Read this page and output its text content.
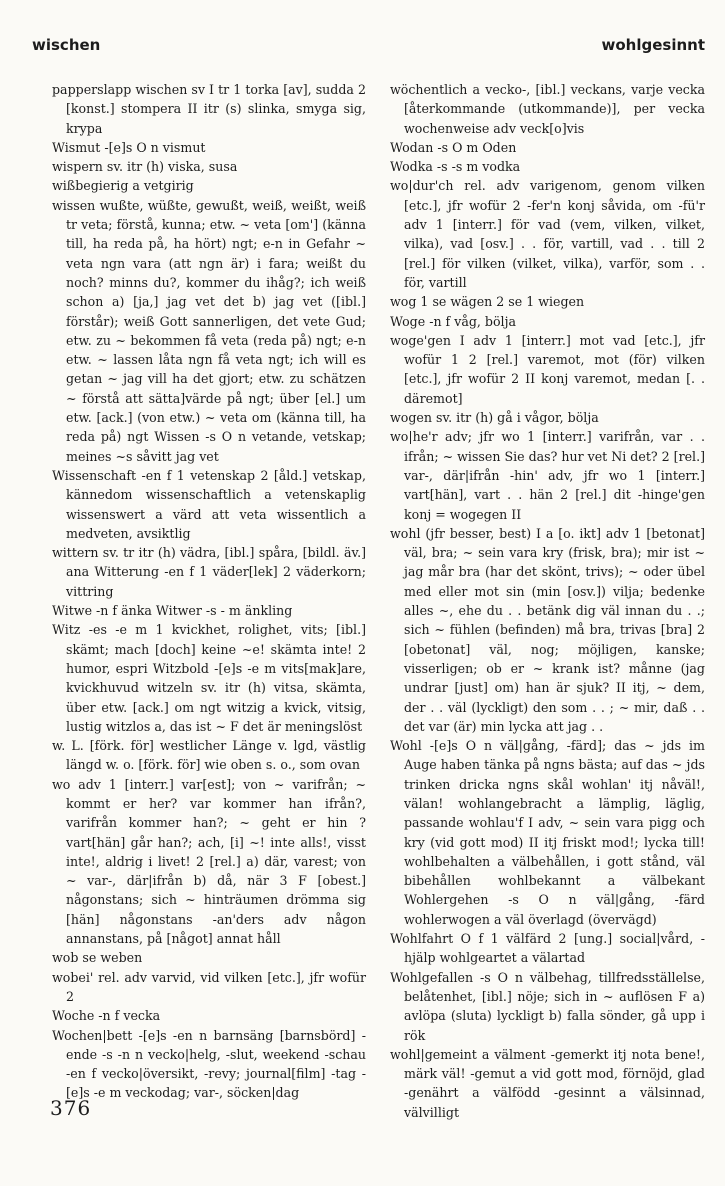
wischen	wohlgesinnt

papperslapp wischen sv I tr 1 torka [av], sudda 2 [konst.] stompera II itr (s) slinka, smyga sig, krypa

Wismut -[e]s O n vismut

wispern sv. itr (h) viska, susa

wißbegierig a vetgirig

wissen wußte, wüßte, gewußt, weiß, weißt, weiß tr veta; förstå, kunna; etw. ~ veta [om'] (känna till, ha reda på, ha hört) ngt; e-n in Gefahr ~ veta ngn vara (att ngn är) i fara; weißt du noch? minns du?, kommer du ihåg?; ich weiß schon a) [ja,] jag vet det b) jag vet ([ibl.] förstår); weiß Gott sannerligen, det vete Gud; etw. zu ~ bekommen få veta (reda på) ngt; e-n etw. ~ lassen låta ngn få veta ngt; ich will es getan ~ jag vill ha det gjort; etw. zu schätzen ~ förstå att sätta]värde på ngt; über [el.] um etw. [ack.] (von etw.) ~ veta om (känna till, ha reda på) ngt Wissen -s O n vetande, vetskap; meines ~s såvitt jag vet

Wissenschaft -en f 1 vetenskap 2 [åld.] vetskap, kännedom wissenschaftlich a vetenskaplig wissenswert a värd att veta wissentlich a medveten, avsiktlig

wittern sv. tr itr (h) vädra, [ibl.] spåra, [bildl. äv.] ana Witterung -en f 1 väder[lek] 2 väderkorn; vittring

Witwe -n f änka Witwer -s - m änkling

Witz -es -e m 1 kvickhet, rolighet, vits; [ibl.] skämt; mach [doch] keine ~e! skämta inte! 2 humor, espri Witzbold -[e]s -e m vits[mak]are, kvickhuvud witzeln sv. itr (h) vitsa, skämta, über etw. [ack.] om ngt witzig a kvick, vitsig, lustig witzlos a, das ist ~ F det är meningslöst

w. L. [förk. för] westlicher Länge v. lgd, västlig längd w. o. [förk. för] wie oben s. o., som ovan

wo adv 1 [interr.] var[est]; von ~ varifrån; ~ kommt er her? var kommer han ifrån?, varifrån kommer han?; ~ geht er hin ? vart[hän] går han?; ach, [i] ~! inte alls!, visst inte!, aldrig i livet! 2 [rel.] a) där, varest; von ~ var-, där|ifrån b) då, när 3 F [obest.] någonstans; sich ~ hinträumen drömma sig [hän] någonstans -an'ders adv någon annanstans, på [något] annat håll

wob se weben

wobei' rel. adv varvid, vid vilken [etc.], jfr wofür 2

Woche -n f vecka

Wochen|bett -[e]s -en n barnsäng [barnsbörd] -ende -s -n n vecko|helg, -slut, weekend -schau -en f vecko|översikt, -revy; journal[film] -tag -[e]s -e m veckodag; var-, söcken|dag

wöchentlich a vecko-, [ibl.] veckans, varje vecka [återkommande (utkommande)], per vecka wochenweise adv veck[o]vis

Wodan -s O m Oden

Wodka -s -s m vodka

wo|dur'ch rel. adv varigenom, genom vilken [etc.], jfr wofür 2 -fer'n konj såvida, om -fü'r adv 1 [interr.] för vad (vem, vilken, vilket, vilka), vad [osv.] . . för, vartill, vad . . till 2 [rel.] för vilken (vilket, vilka), varför, som . . för, vartill

wog 1 se wägen 2 se 1 wiegen

Woge -n f våg, bölja

woge'gen I adv 1 [interr.] mot vad [etc.], jfr wofür 1 2 [rel.] varemot, mot (för) vilken [etc.], jfr wofür 2 II konj varemot, medan [. . däremot]

wogen sv. itr (h) gå i vågor, bölja

wo|he'r adv; jfr wo 1 [interr.] varifrån, var . . ifrån; ~ wissen Sie das? hur vet Ni det? 2 [rel.] var-, där|ifrån -hin' adv, jfr wo 1 [interr.] vart[hän], vart . . hän 2 [rel.] dit -hinge'gen konj = wogegen II

wohl (jfr besser, best) I a [o. ikt] adv 1 [betonat] väl, bra; ~ sein vara kry (frisk, bra); mir ist ~ jag mår bra (har det skönt, trivs); ~ oder übel med eller mot sin (min [osv.]) vilja; bedenke alles ~, ehe du . . betänk dig väl innan du . .; sich ~ fühlen (befinden) må bra, trivas [bra] 2 [obetonat] väl, nog; möjligen, kanske; visserligen; ob er ~ krank ist? månne (jag undrar [just] om) han är sjuk? II itj, ~ dem, der . . väl (lyckligt) den som . . ; ~ mir, daß . . det var (är) min lycka att jag . .

Wohl -[e]s O n väl|gång, -färd]; das ~ jds im Auge haben tänka på ngns bästa; auf das ~ jds trinken dricka ngns skål wohlan' itj nåväl!, välan! wohlangebracht a lämplig, läglig, passande wohlau'f I adv, ~ sein vara pigg och kry (vid gott mod) II itj friskt mod!; lycka till! wohlbehalten a välbehållen, i gott stånd, väl bibehållen wohlbekannt a välbekant Wohlergehen -s O n väl|gång, -färd wohlerwogen a väl överlagd (övervägd)

Wohlfahrt O f 1 välfärd 2 [ung.] social|vård, -hjälp wohlgeartet a välartad

Wohlgefallen -s O n välbehag, tillfredsställelse, belåtenhet, [ibl.] nöje; sich in ~ auflösen F a) avlöpa (sluta) lyckligt b) falla sönder, gå upp i rök

wohl|gemeint a välment -gemerkt itj nota bene!, märk väl! -gemut a vid gott mod, förnöjd, glad -genährt a välfödd -gesinnt a välsinnad, välvilligt

376
